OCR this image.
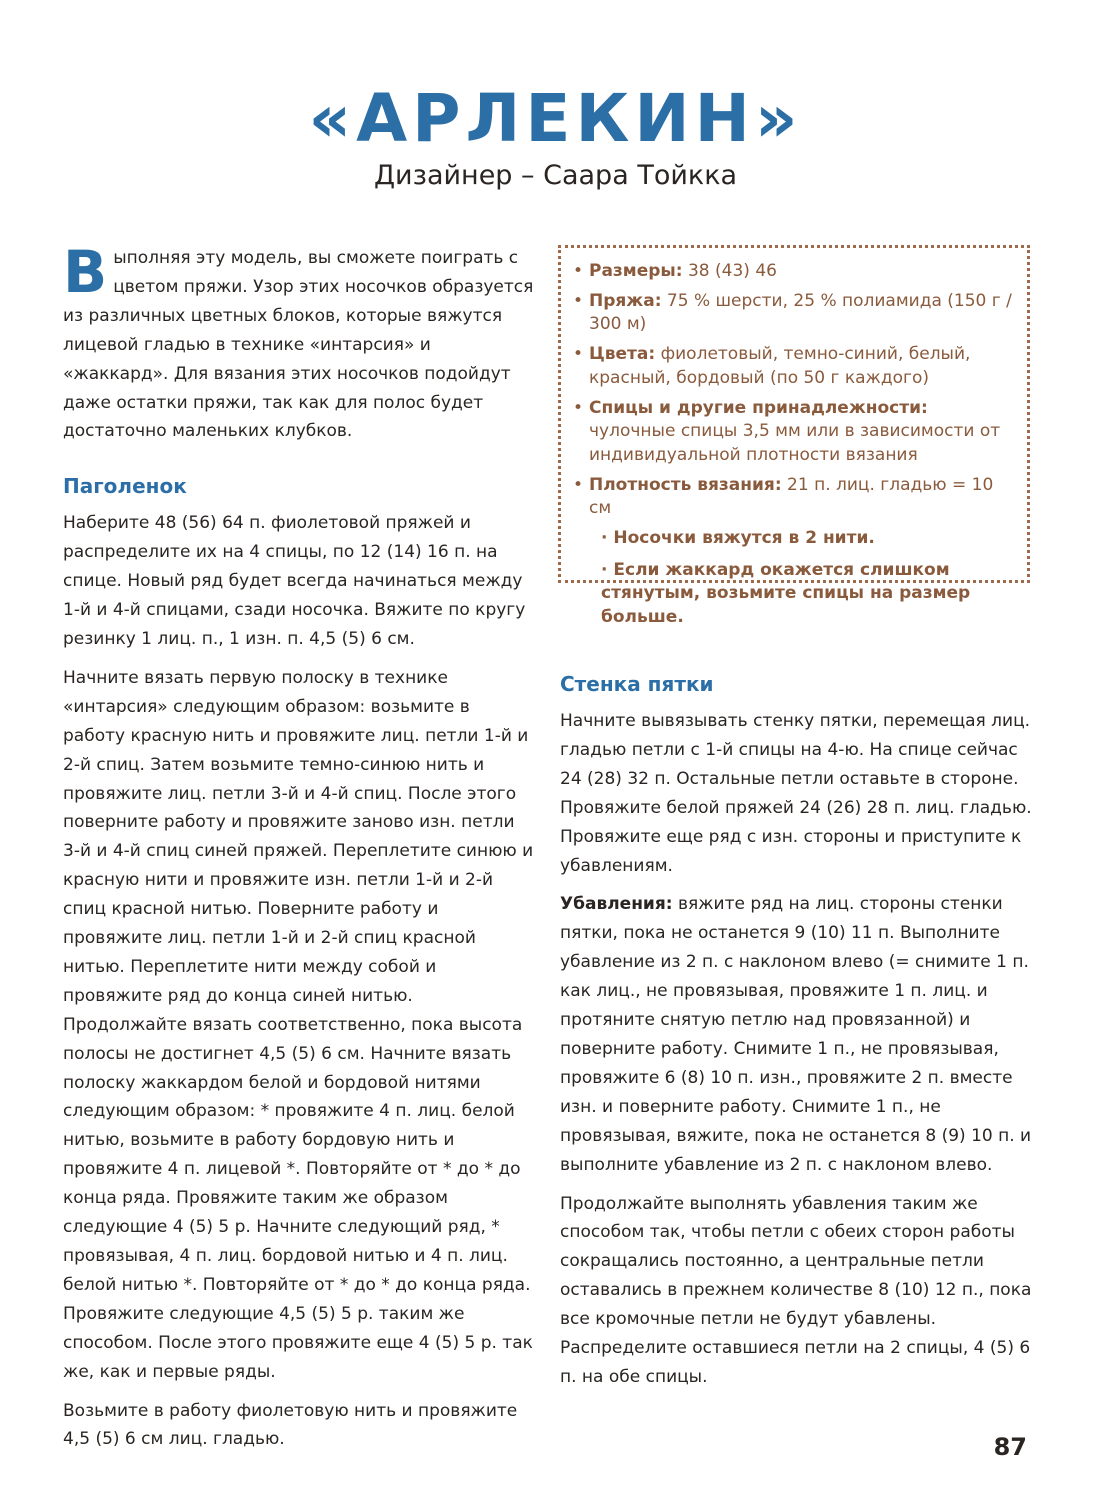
«АРЛЕКИН»
Дизайнер – Саара Тойкка

Выполняя эту модель, вы сможете поиграть с цветом пряжи. Узор этих носочков образуется из различных цветных блоков, которые вяжутся лицевой гладью в технике «интарсия» и «жаккард». Для вязания этих носочков подойдут даже остатки пряжи, так как для полос будет достаточно маленьких клубков.

Паголенок

Наберите 48 (56) 64 п. фиолетовой пряжей и распределите их на 4 спицы, по 12 (14) 16 п. на спице. Новый ряд будет всегда начинаться между 1-й и 4-й спицами, сзади носочка. Вяжите по кругу резинку 1 лиц. п., 1 изн. п. 4,5 (5) 6 см.

Начните вязать первую полоску в технике «интарсия» следующим образом: возьмите в работу красную нить и провяжите лиц. петли 1-й и 2-й спиц. Затем возьмите темно-синюю нить и провяжите лиц. петли 3-й и 4-й спиц. После этого поверните работу и провяжите заново изн. петли 3-й и 4-й спиц синей пряжей. Переплетите синюю и красную нити и провяжите изн. петли 1-й и 2-й спиц красной нитью. Поверните работу и провяжите лиц. петли 1-й и 2-й спиц красной нитью. Переплетите нити между собой и провяжите ряд до конца синей нитью. Продолжайте вязать соответственно, пока высота полосы не достигнет 4,5 (5) 6 см. Начните вязать полоску жаккардом белой и бордовой нитями следующим образом: * провяжите 4 п. лиц. белой нитью, возьмите в работу бордовую нить и провяжите 4 п. лицевой *. Повторяйте от * до * до конца ряда. Провяжите таким же образом следующие 4 (5) 5 р. Начните следующий ряд, * провязывая, 4 п. лиц. бордовой нитью и 4 п. лиц. белой нитью *. Повторяйте от * до * до конца ряда. Провяжите следующие 4,5 (5) 5 р. таким же способом. После этого провяжите еще 4 (5) 5 р. так же, как и первые ряды.

Возьмите в работу фиолетовую нить и провяжите 4,5 (5) 6 см лиц. гладью.

• Размеры: 38 (43) 46
• Пряжа: 75 % шерсти, 25 % полиамида (150 г / 300 м)
• Цвета: фиолетовый, темно-синий, белый, красный, бордовый (по 50 г каждого)
• Спицы и другие принадлежности: чулочные спицы 3,5 мм или в зависимости от индивидуальной плотности вязания
• Плотность вязания: 21 п. лиц. гладью = 10 см
· Носочки вяжутся в 2 нити.
· Если жаккард окажется слишком стянутым, возьмите спицы на размер больше.
Стенка пятки

Начните вывязывать стенку пятки, перемещая лиц. гладью петли с 1-й спицы на 4-ю. На спице сейчас 24 (28) 32 п. Остальные петли оставьте в стороне. Провяжите белой пряжей 24 (26) 28 п. лиц. гладью. Провяжите еще ряд с изн. стороны и приступите к убавлениям.

Убавления: вяжите ряд на лиц. стороны стенки пятки, пока не останется 9 (10) 11 п. Выполните убавление из 2 п. с наклоном влево (= снимите 1 п. как лиц., не провязывая, провяжите 1 п. лиц. и протяните снятую петлю над провязанной) и поверните работу. Снимите 1 п., не провязывая, провяжите 6 (8) 10 п. изн., провяжите 2 п. вместе изн. и поверните работу. Снимите 1 п., не провязывая, вяжите, пока не останется 8 (9) 10 п. и выполните убавление из 2 п. с наклоном влево.

Продолжайте выполнять убавления таким же способом так, чтобы петли с обеих сторон работы сокращались постоянно, а центральные петли оставались в прежнем количестве 8 (10) 12 п., пока все кромочные петли не будут убавлены. Распределите оставшиеся петли на 2 спицы, 4 (5) 6 п. на обе спицы.

87
